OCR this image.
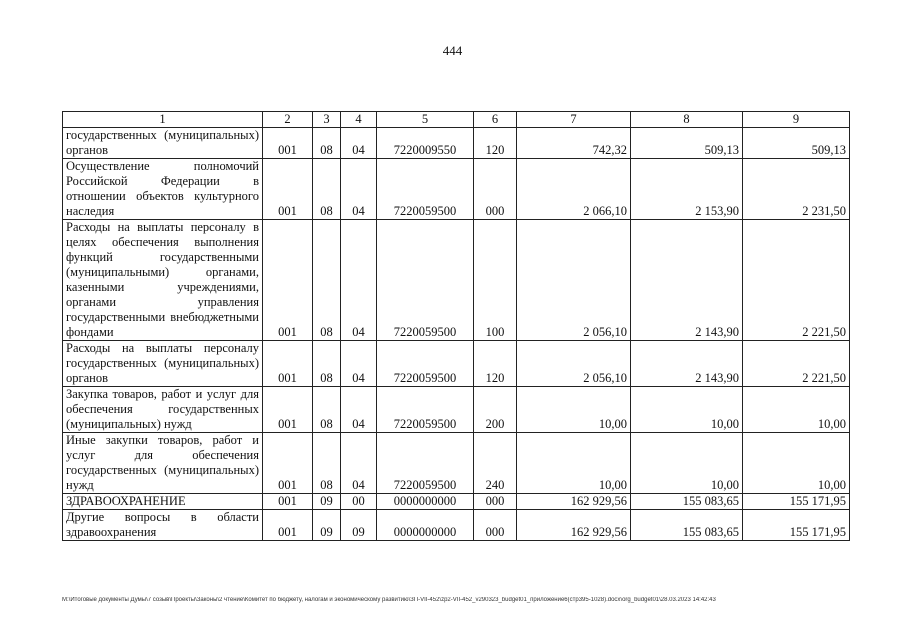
444
1	2	3	4	5	6	7	8	9
государственных (муниципальных) органов	001	08	04	7220009550	120	742,32	509,13	509,13
Осуществление полномочий Российской Федерации в отношении объектов культурного наследия	001	08	04	7220059500	000	2 066,10	2 153,90	2 231,50
Расходы на выплаты персоналу в целях обеспечения выполнения функций государственными (муниципальными) органами, казенными учреждениями, органами управления государственными внебюджетными фондами	001	08	04	7220059500	100	2 056,10	2 143,90	2 221,50
Расходы на выплаты персоналу государственных (муниципальных) органов	001	08	04	7220059500	120	2 056,10	2 143,90	2 221,50
Закупка товаров, работ и услуг для обеспечения государственных (муниципальных) нужд	001	08	04	7220059500	200	10,00	10,00	10,00
Иные закупки товаров, работ и услуг для обеспечения государственных (муниципальных) нужд	001	08	04	7220059500	240	10,00	10,00	10,00
ЗДРАВООХРАНЕНИЕ	001	09	00	0000000000	000	162 929,56	155 083,65	155 171,95
Другие вопросы в области здравоохранения	001	09	09	0000000000	000	162 929,56	155 083,65	155 171,95
М:\Итоговые документы Думы\7 созыв\Проекты\Законы\2 чтение\Комитет по бюджету, налогам и экономическому развитию\ЗП-VII-452\zp2-VII-452_v290323_budget01_приложение6(стр395-1028).docx\org_budget01\28.03.2023 14:42:43
